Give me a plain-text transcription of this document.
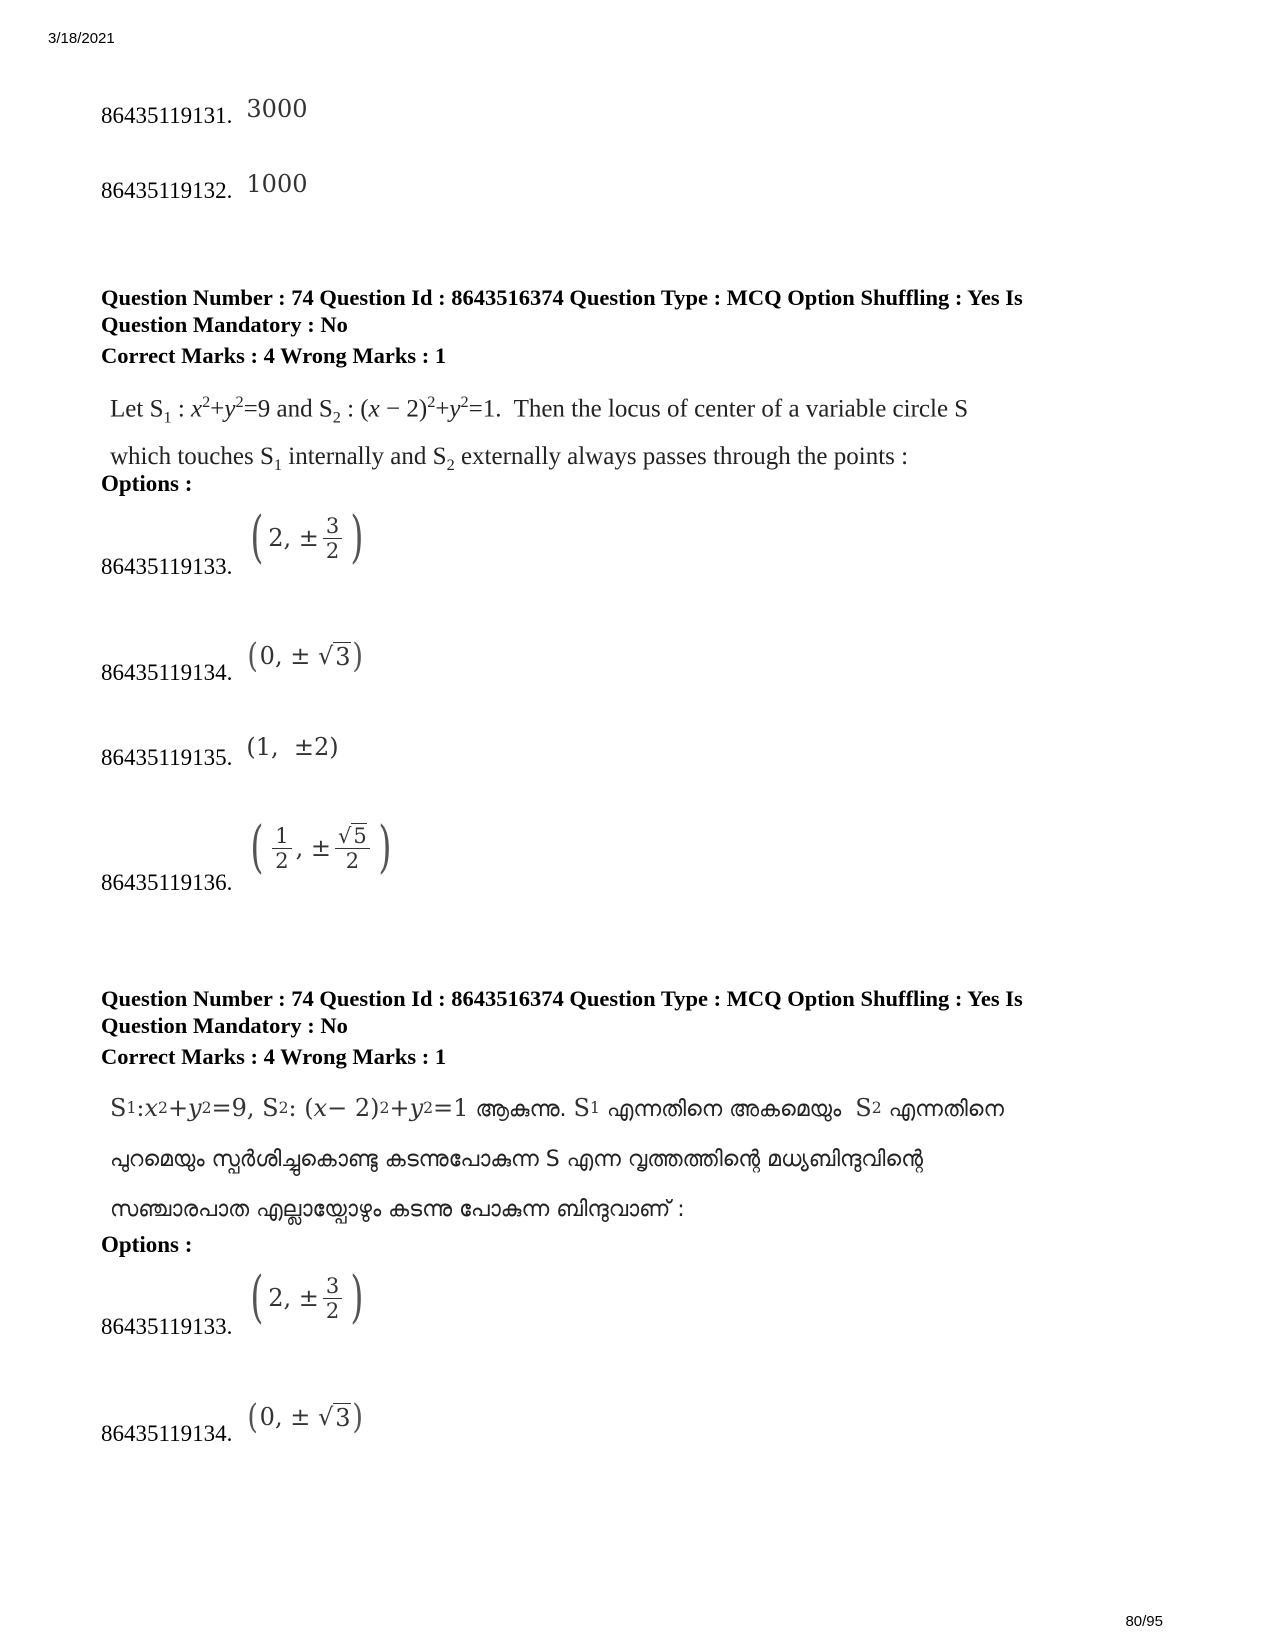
3/18/2021
86435119131. 3000
86435119132. 1000
Question Number : 74 Question Id : 8643516374 Question Type : MCQ Option Shuffling : Yes Is
Question Mandatory : No
Correct Marks : 4 Wrong Marks : 1
Let $S_1$ : $x^2+y^2=9$ and $S_2$ : $(x - 2)^2+y^2=1$.  Then the locus of center of a variable circle S
which touches $S_1$ internally and $S_2$ externally always passes through the points :
Options :
86435119133. ( 2, ± $\frac{3}{2}$ )
86435119134. ( 0, ± √ 3 )
86435119135. (1,  ±2)
86435119136.
( $\frac{1}{2}$ , ± $\frac{√5}{2}$ )
Question Number : 74 Question Id : 8643516374 Question Type : MCQ Option Shuffling : Yes Is
Question Mandatory : No
Correct Marks : 4 Wrong Marks : 1
S 1 : x 2 + y 2 =9, S 2 : ( x − 2) 2 + y 2 =1 ആകുന്നു. S 1 എന്നതിനെ അകമെയും S 2 എന്നതിനെ
പുറമെയും സ്പർശിച്ചുകൊണ്ടു കടന്നുപോകുന്ന S എന്ന വൃത്തത്തിന്റെ മധ്യബിന്ദുവിന്റെ
സഞ്ചാരപാത എല്ലായ്പോഴും കടന്നു പോകുന്ന ബിന്ദുവാണ് :
Options :
86435119133. ( 2, ± $\frac{3}{2}$ )
86435119134. ( 0, ± √ 3 )
80/95
